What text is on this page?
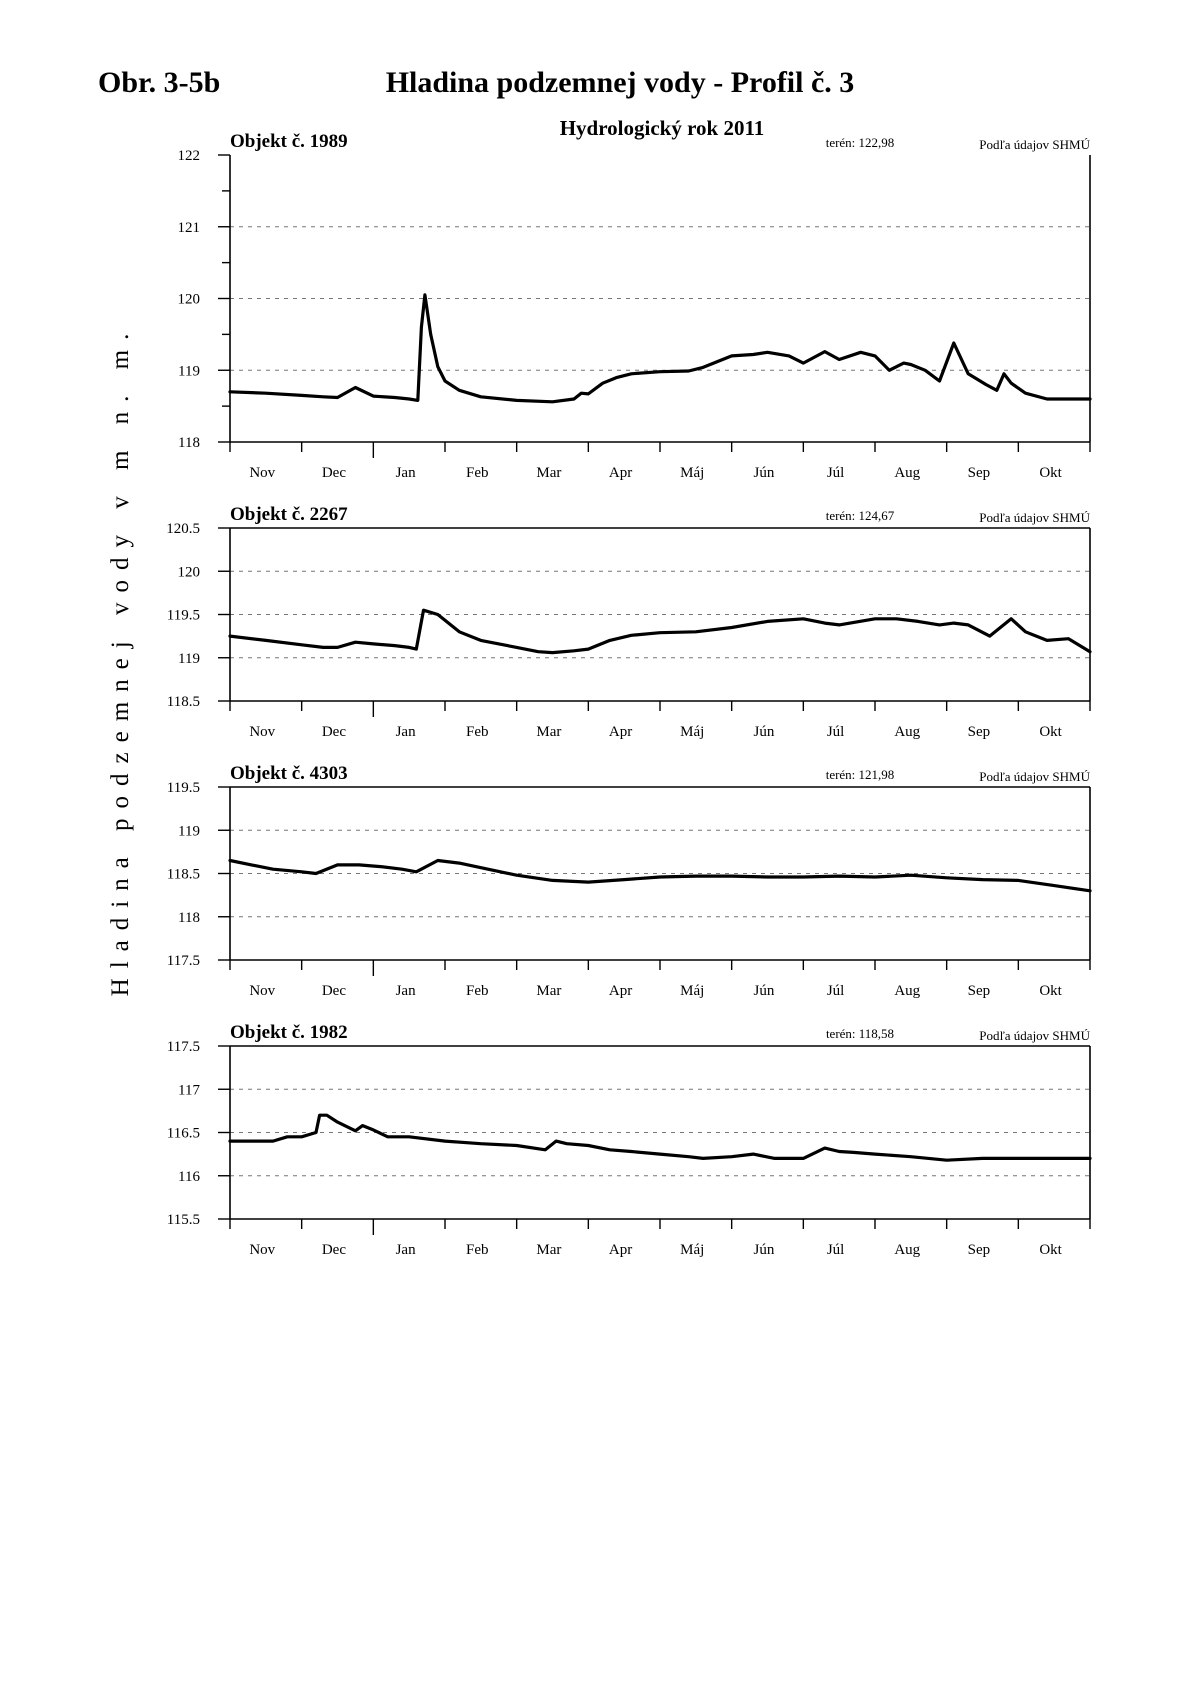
Obr. 3-5b	Hladina podzemnej vody - Profil č. 3
Hydrologický rok 2011
Hladina podzemnej vody v m n. m.	118
119
120
121
122
Nov	Dec	Jan	Feb	Mar	Apr	Máj	Jún	Júl	Aug	Sep	Okt
Objekt č. 1989	terén: 122,98	Podľa údajov SHMÚ
118.5
119
119.5
120
120.5
Nov	Dec	Jan	Feb	Mar	Apr	Máj	Jún	Júl	Aug	Sep	Okt
Objekt č. 2267	terén: 124,67	Podľa údajov SHMÚ
117.5
118
118.5
119
119.5
Nov	Dec	Jan	Feb	Mar	Apr	Máj	Jún	Júl	Aug	Sep	Okt
Objekt č. 4303	terén: 121,98	Podľa údajov SHMÚ
115.5
116
116.5
117
117.5
Nov	Dec	Jan	Feb	Mar	Apr	Máj	Jún	Júl	Aug	Sep	Okt
Objekt č. 1982	terén: 118,58	Podľa údajov SHMÚ
